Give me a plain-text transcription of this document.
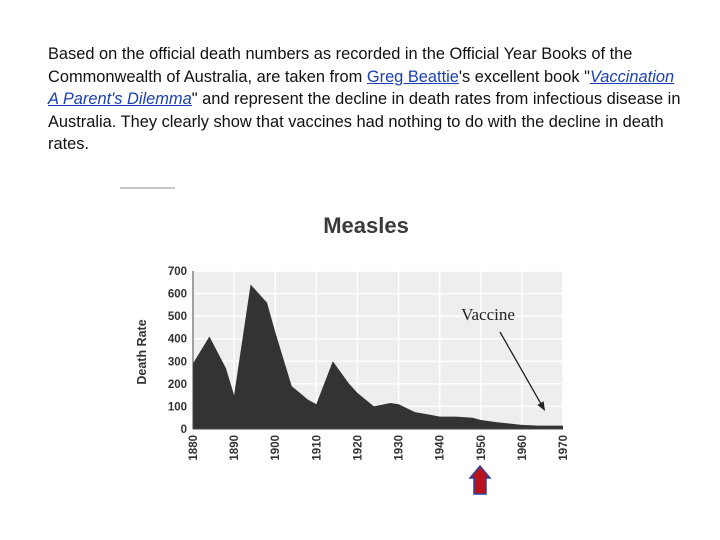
Based on the official death numbers as recorded in the Official Year Books of the Commonwealth of Australia, are taken from Greg Beattie's excellent book "Vaccination A Parent's Dilemma" and represent the decline in death rates from infectious disease in Australia. They clearly show that vaccines had nothing to do with the decline in death rates.

Measles
0
100
200
300
400
500
600
700
1880	1890	1900	1910	1920	1930	1940	1950	1960	1970
Death Rate
Vaccine
